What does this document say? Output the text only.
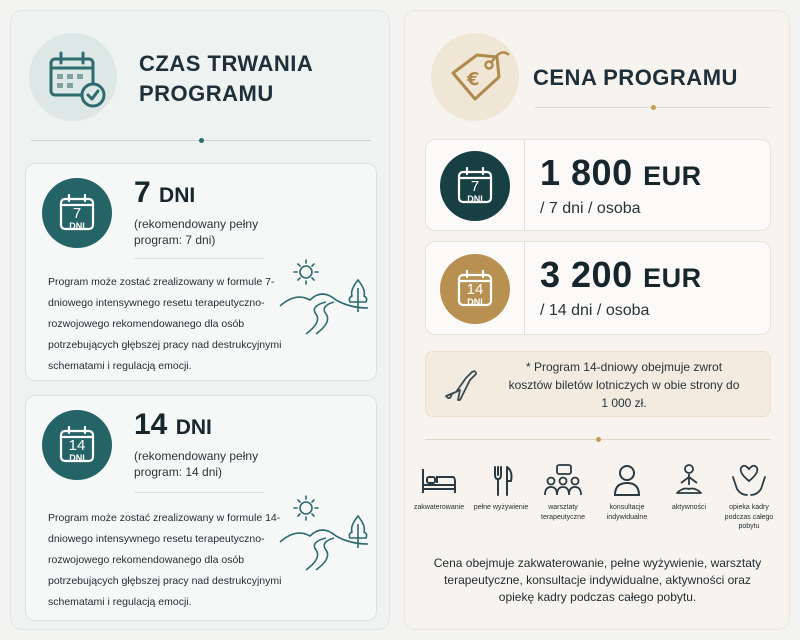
CZAS TRWANIA
PROGRAMU
7
DNI
7 DNI
(rekomendowany pełny program: 7 dni)
Program może zostać zrealizowany w formule 7-dniowego intensywnego resetu terapeutyczno-rozwojowego rekomendowanego dla osób potrzebujących głębszej pracy nad destrukcyjnymi schematami i regulacją emocji.
14
DNI
14 DNI
(rekomendowany pełny program: 14 dni)
Program może zostać zrealizowany w formule 14-dniowego intensywnego resetu terapeutyczno-rozwojowego rekomendowanego dla osób potrzebujących głębszej pracy nad destrukcyjnymi schematami i regulacją emocji.
€ CENA PROGRAMU
7
DNI
1 800 EUR
/ 7 dni / osoba
14
DNI
3 200 EUR
/ 14 dni / osoba
* Program 14-dniowy obejmuje zwrot kosztów biletów lotniczych w obie strony do 1 000 zł.
zakwaterowanie	pełne wyżywienie	warsztaty terapeutyczne
konsultacje indywidualne
aktywności	opieka kadry podczas całego pobytu
Cena obejmuje zakwaterowanie, pełne wyżywienie, warsztaty terapeutyczne, konsultacje indywidualne, aktywności oraz opiekę kadry podczas całego pobytu.
